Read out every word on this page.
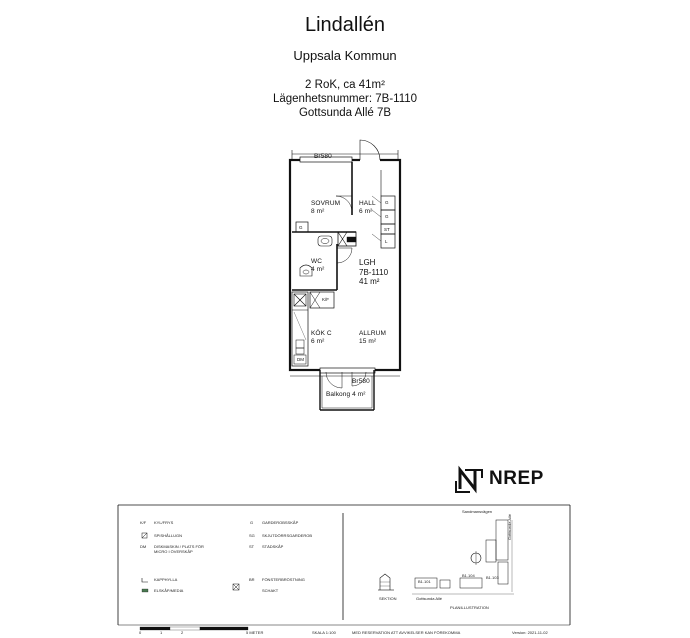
Lindallén
Uppsala Kommun
2 RoK, ca 41m²
Lägenhetsnummer: 7B-1110
Gottsunda Allé 7B
SOVRUM
8 m²
HALL
6 m²
WC
4 m²
LGH
7B-1110
41 m²
KÖK C
6 m²
ALLRUM
15 m²
Balkong 4 m²
Br580
Br580
G
G
G	ST
L
K/F
DM
NREP
K/F KYL/FRYS
SPISHÅLLUGN
DM DISKMASKIN / PLATS FÖR MICRO I ÖVERSKÅP
KAPPHYLLA
ELSKÅP/MEDIA
G GARDEROBSSKÅP
SG SKJUTDÖRRSGARDEROB
ST STÄDSKÅP
BR FÖNSTERBRÖSTNING
SCHAKT
Sandmansvägen
Gottsunda Allé
Gottsunda Allé
B1.101
B1.104	B1.103
SEKTION
PLANILLUSTRATION
0	1	2	5 METER	SKALA 1:100	MED RESERVATION ATT AVVIKELSER KAN FÖREKOMMA	Version: 2021-11-02
